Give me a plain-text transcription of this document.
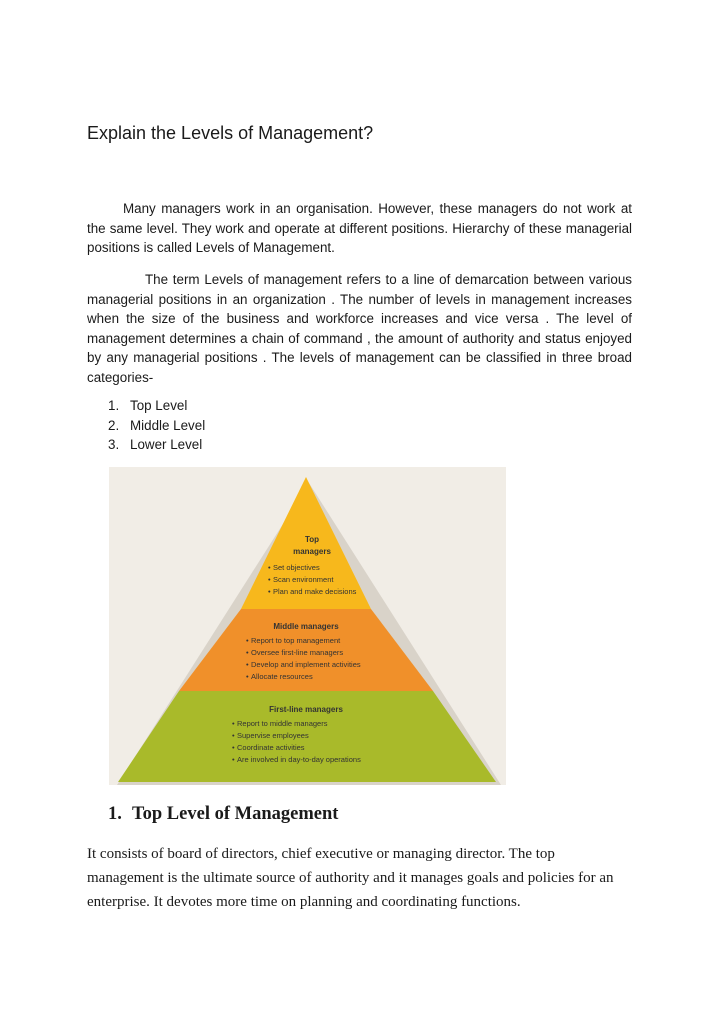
Explain the Levels of Management?

Many managers work in an organisation. However, these managers do not work at the same level. They work and operate at different positions. Hierarchy of these managerial positions is called Levels of Management.

The term Levels of management refers to a line of demarcation between various managerial positions in an organization . The number of levels in management increases when the size of the business and workforce increases and vice versa . The level of management determines a chain of command , the amount of authority and status enjoyed by any managerial positions . The levels of management can be classified in three broad categories-

1. Top Level
2. Middle Level
3. Lower Level
Top
managers
• Set objectives
• Scan environment
• Plan and make decisions
Middle managers
• Report to top management
• Oversee first-line managers
• Develop and implement activities
• Allocate resources
First-line managers
• Report to middle managers
• Supervise employees
• Coordinate activities
• Are involved in day-to-day operations
1. Top Level of Management

It consists of board of directors, chief executive or managing director. The top management is the ultimate source of authority and it manages goals and policies for an enterprise. It devotes more time on planning and coordinating functions.
